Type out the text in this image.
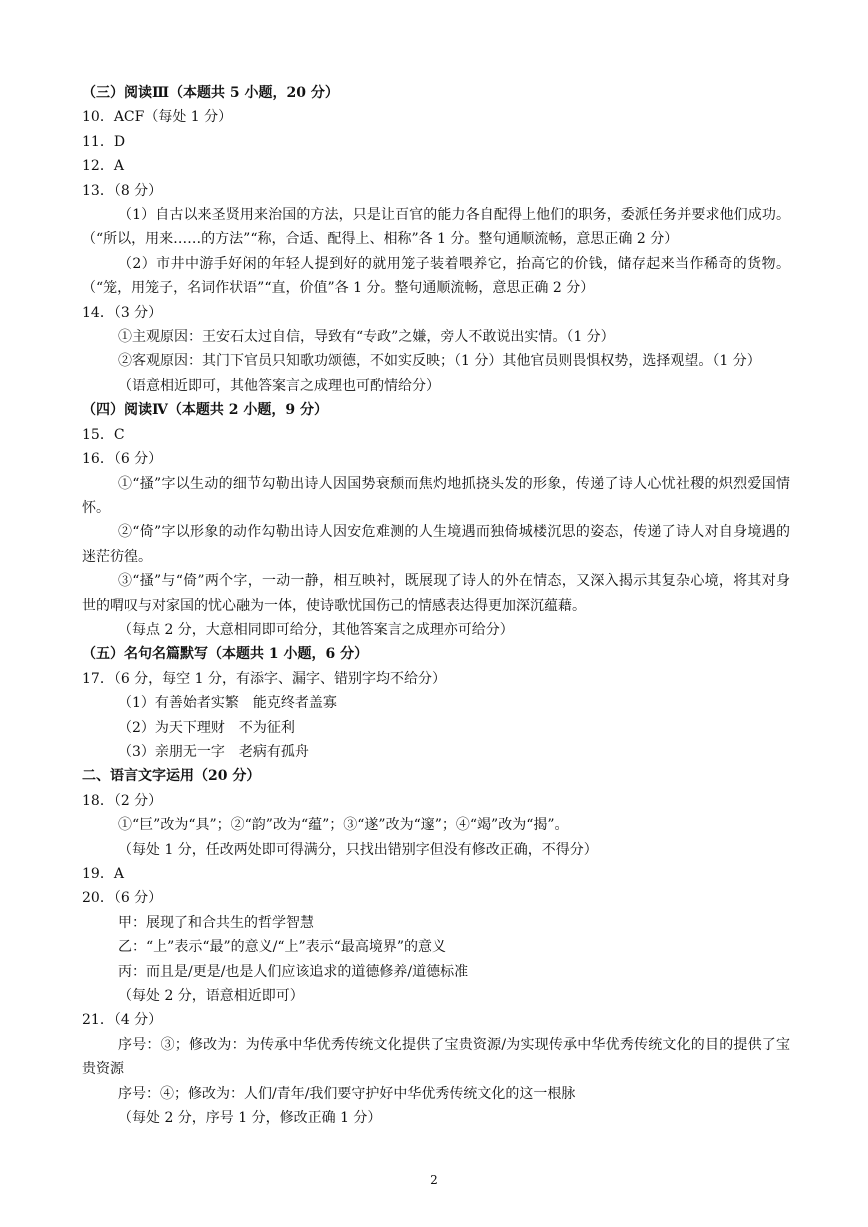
（三）阅读Ⅲ（本题共 5 小题，20 分）
10．ACF（每处 1 分）
11．D
12．A
13．（8 分）
（1）自古以来圣贤用来治国的方法，只是让百官的能力各自配得上他们的职务，委派任务并要求他们成功。（“所以，用来……的方法”“称，合适、配得上、相称”各 1 分。整句通顺流畅，意思正确 2 分）
（2）市井中游手好闲的年轻人提到好的就用笼子装着喂养它，抬高它的价钱，储存起来当作稀奇的货物。（“笼，用笼子，名词作状语”“直，价值”各 1 分。整句通顺流畅，意思正确 2 分）
14．（3 分）
①主观原因：王安石太过自信，导致有“专政”之嫌，旁人不敢说出实情。（1 分）
②客观原因：其门下官员只知歌功颂德，不如实反映；（1 分）其他官员则畏惧权势，选择观望。（1 分）
（语意相近即可，其他答案言之成理也可酌情给分）
（四）阅读Ⅳ（本题共 2 小题，9 分）
15．C
16．（6 分）
①“搔”字以生动的细节勾勒出诗人因国势衰颓而焦灼地抓挠头发的形象，传递了诗人心忧社稷的炽烈爱国情怀。
②“倚”字以形象的动作勾勒出诗人因安危难测的人生境遇而独倚城楼沉思的姿态，传递了诗人对自身境遇的迷茫彷徨。
③“搔”与“倚”两个字，一动一静，相互映衬，既展现了诗人的外在情态，又深入揭示其复杂心境，将其对身世的喟叹与对家国的忧心融为一体，使诗歌忧国伤己的情感表达得更加深沉蕴藉。
（每点 2 分，大意相同即可给分，其他答案言之成理亦可给分）
（五）名句名篇默写（本题共 1 小题，6 分）
17．（6 分，每空 1 分，有添字、漏字、错别字均不给分）
（1）有善始者实繁　能克终者盖寡
（2）为天下理财　不为征利
（3）亲朋无一字　老病有孤舟
二、语言文字运用（20 分）
18．（2 分）
①“巨”改为“具”；②“韵”改为“蕴”；③“遂”改为“邃”；④“竭”改为“揭”。
（每处 1 分，任改两处即可得满分，只找出错别字但没有修改正确，不得分）
19．A
20．（6 分）
甲：展现了和合共生的哲学智慧
乙：“上”表示“最”的意义/“上”表示“最高境界”的意义
丙：而且是/更是/也是人们应该追求的道德修养/道德标准
（每处 2 分，语意相近即可）
21．（4 分）
序号：③；修改为：为传承中华优秀传统文化提供了宝贵资源/为实现传承中华优秀传统文化的目的提供了宝贵资源
序号：④；修改为：人们/青年/我们要守护好中华优秀传统文化的这一根脉
（每处 2 分，序号 1 分，修改正确 1 分）
2
